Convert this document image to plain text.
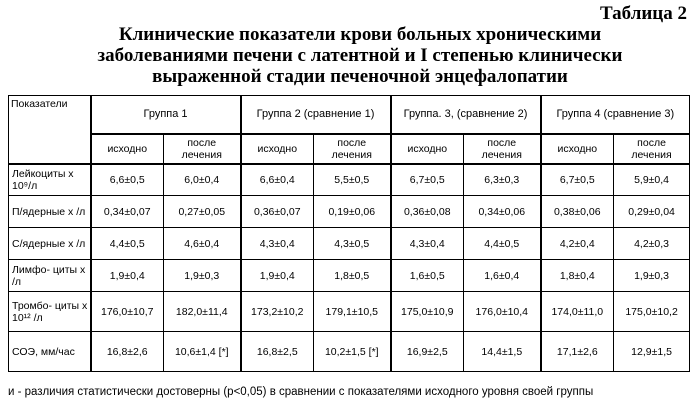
Таблица 2
Клинические показатели крови больных хроническими
заболеваниями печени с латентной и I степенью клинически
выраженной стадии печеночной энцефалопатии
Показатели	Группа 1		Группа 2 (сравнение 1)		Группа. 3, (сравнение 2)		Группа 4 (сравнение 3)	
	исходно	после лечения	исходно	после лечения	исходно	после лечения	исходно	после лечения
Лейкоциты х 10⁹/л	6,6±0,5	6,0±0,4	6,6±0,4	5,5±0,5	6,7±0,5	6,3±0,3	6,7±0,5	5,9±0,4
П/ядерные х /л	0,34±0,07	0,27±0,05	0,36±0,07	0,19±0,06	0,36±0,08	0,34±0,06	0,38±0,06	0,29±0,04
С/ядерные х /л	4,4±0,5	4,6±0,4	4,3±0,4	4,3±0,5	4,3±0,4	4,4±0,5	4,2±0,4	4,2±0,3
Лимфо- циты х /л	1,9±0,4	1,9±0,3	1,9±0,4	1,8±0,5	1,6±0,5	1,6±0,4	1,8±0,4	1,9±0,3
Тромбо- циты х 10¹² /л	176,0±10,7	182,0±11,4	173,2±10,2	179,1±10,5	175,0±10,9	176,0±10,4	174,0±11,0	175,0±10,2
СОЭ, мм/час	16,8±2,6	10,6±1,4 [*]	16,8±2,5	10,2±1,5 [*]	16,9±2,5	14,4±1,5	17,1±2,6	12,9±1,5
и - различия статистически достоверны (р<0,05) в сравнении с показателями исходного уровня своей группы
